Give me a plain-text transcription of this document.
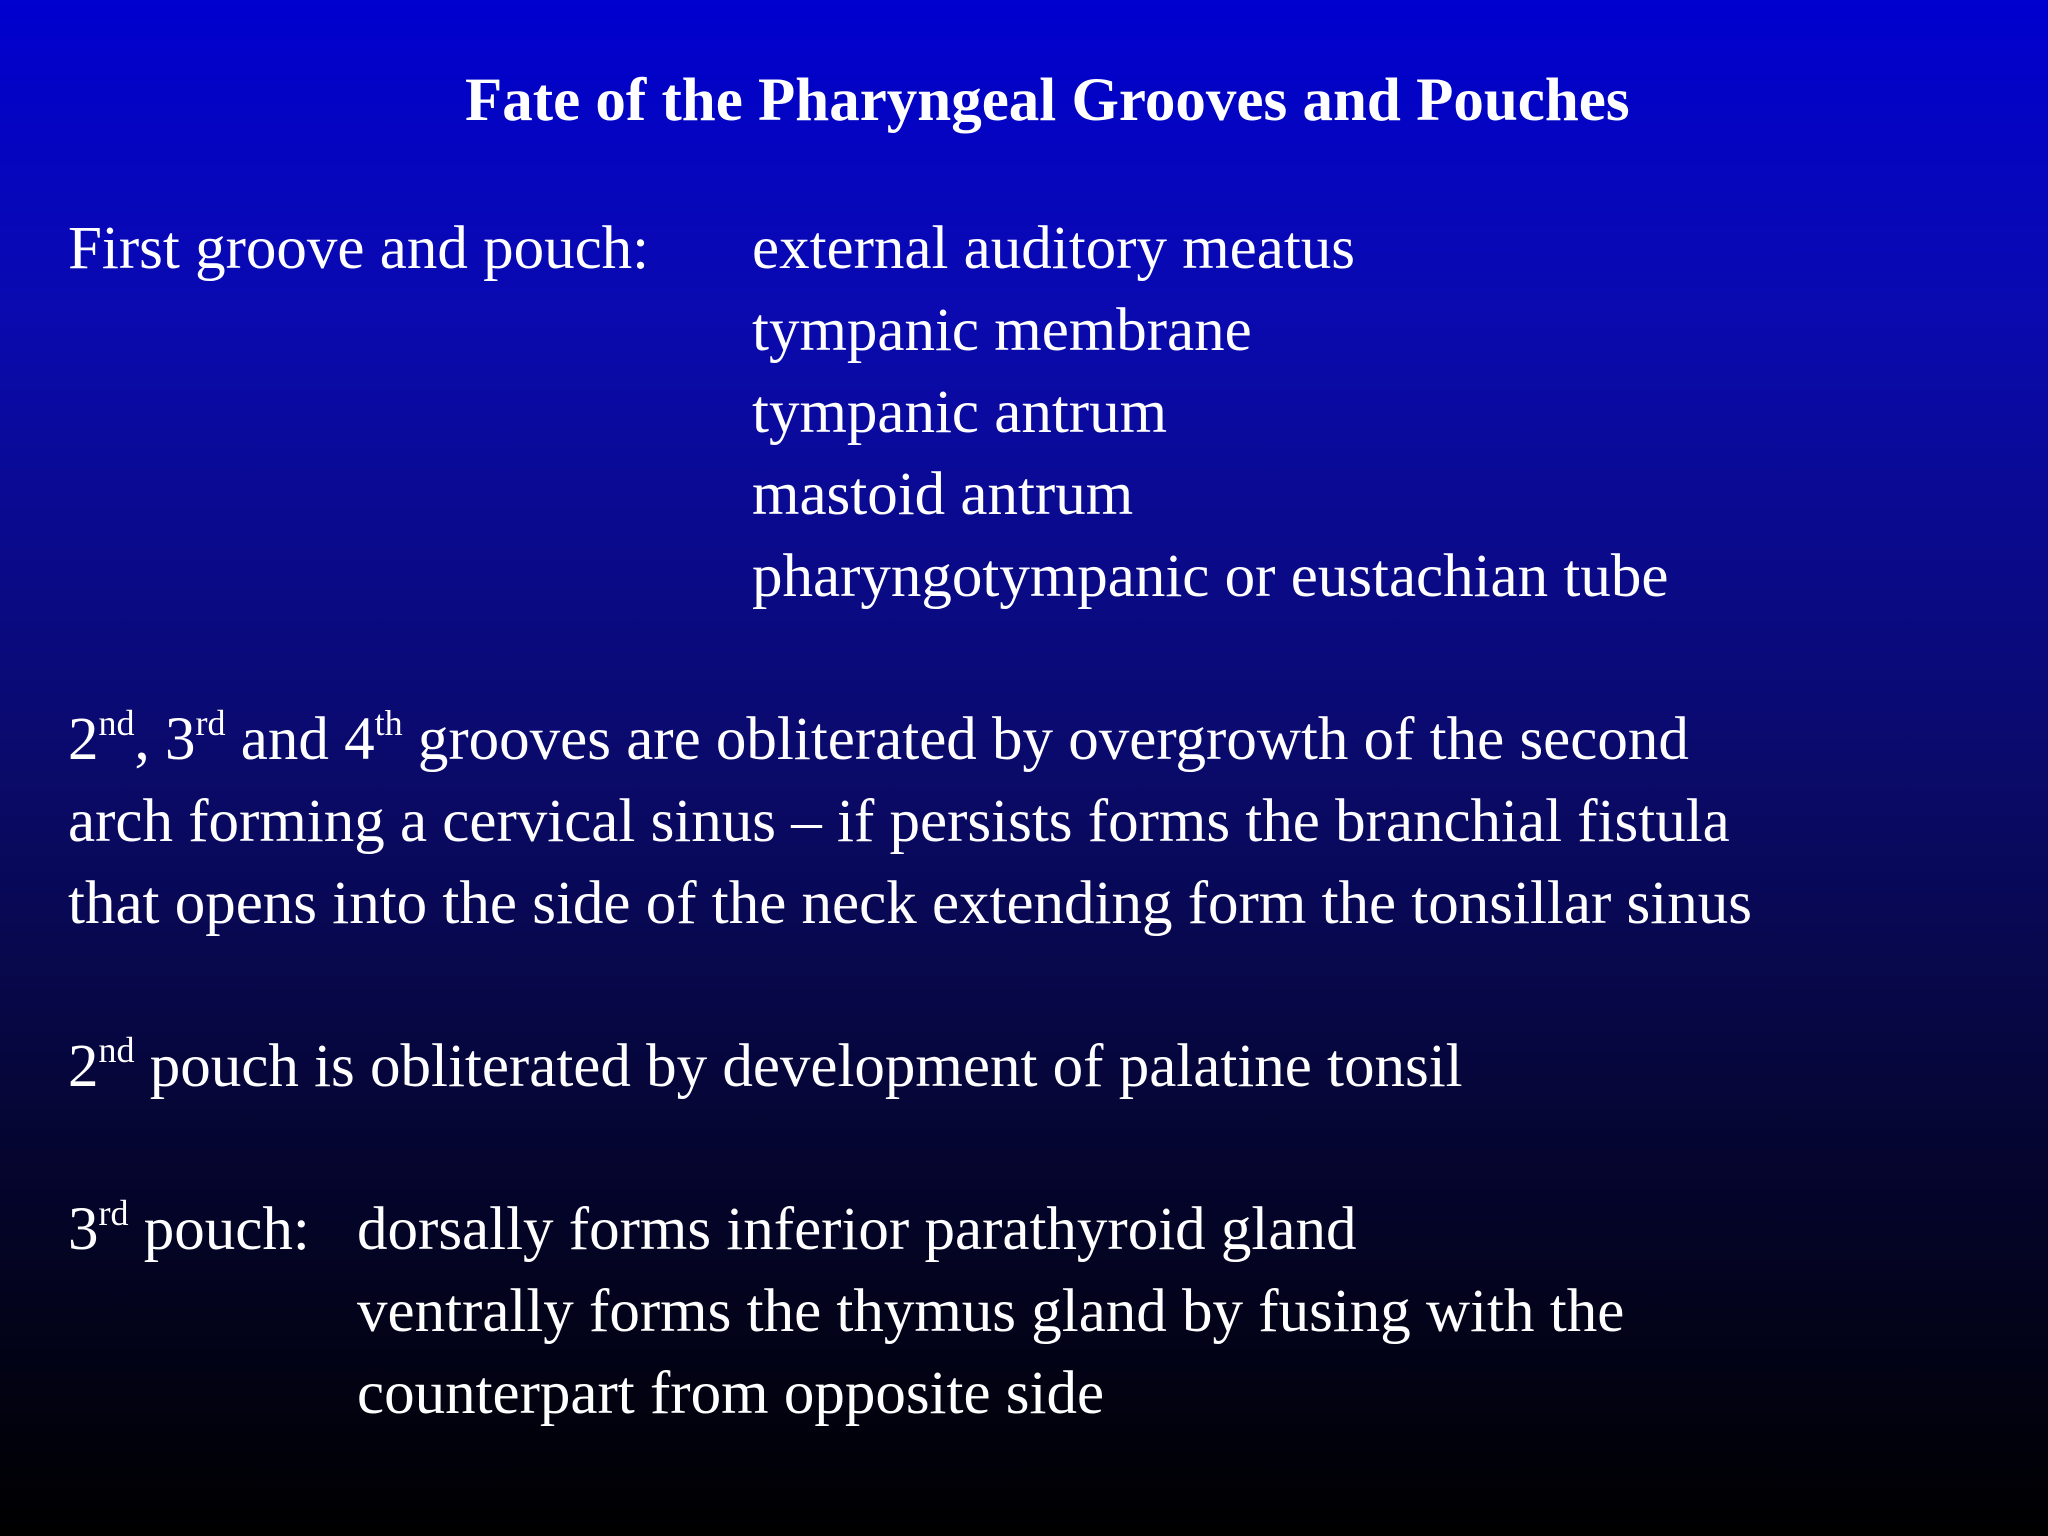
Fate of the Pharyngeal Grooves and Pouches
First groove and pouch: external auditory meatus
tympanic membrane
tympanic antrum
mastoid antrum
pharyngotympanic or eustachian tube
2nd, 3rd and 4th grooves are obliterated by overgrowth of the second
arch forming a cervical sinus – if persists forms the branchial fistula
that opens into the side of the neck extending form the tonsillar sinus
2nd pouch is obliterated by development of palatine tonsil
3rd pouch: dorsally forms inferior parathyroid gland
ventrally forms the thymus gland by fusing with the
counterpart from opposite side
